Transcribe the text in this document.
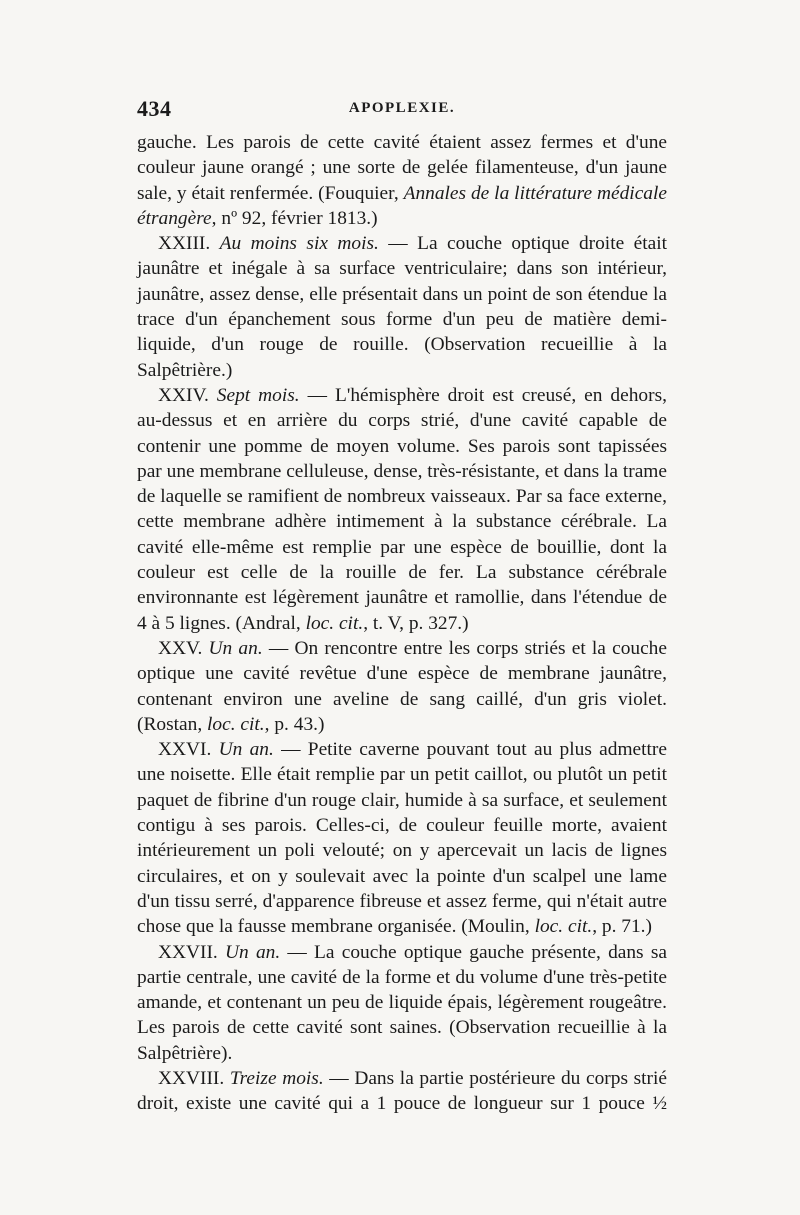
434	APOPLEXIE.

gauche. Les parois de cette cavité étaient assez fermes et d'une couleur jaune orangé ; une sorte de gelée filamenteuse, d'un jaune sale, y était renfermée. (Fouquier, Annales de la littérature médicale étrangère, nº 92, février 1813.)

XXIII. Au moins six mois. — La couche optique droite était jaunâtre et inégale à sa surface ventriculaire; dans son intérieur, jaunâtre, assez dense, elle présentait dans un point de son étendue la trace d'un épanchement sous forme d'un peu de matière demi-liquide, d'un rouge de rouille. (Observation recueillie à la Salpêtrière.)

XXIV. Sept mois. — L'hémisphère droit est creusé, en dehors, au-dessus et en arrière du corps strié, d'une cavité capable de contenir une pomme de moyen volume. Ses parois sont tapissées par une membrane celluleuse, dense, très-résistante, et dans la trame de laquelle se ramifient de nombreux vaisseaux. Par sa face externe, cette membrane adhère intimement à la substance cérébrale. La cavité elle-même est remplie par une espèce de bouillie, dont la couleur est celle de la rouille de fer. La substance cérébrale environnante est légèrement jaunâtre et ramollie, dans l'étendue de 4 à 5 lignes. (Andral, loc. cit., t. V, p. 327.)

XXV. Un an. — On rencontre entre les corps striés et la couche optique une cavité revêtue d'une espèce de membrane jaunâtre, contenant environ une aveline de sang caillé, d'un gris violet. (Rostan, loc. cit., p. 43.)

XXVI. Un an. — Petite caverne pouvant tout au plus admettre une noisette. Elle était remplie par un petit caillot, ou plutôt un petit paquet de fibrine d'un rouge clair, humide à sa surface, et seulement contigu à ses parois. Celles-ci, de couleur feuille morte, avaient intérieurement un poli velouté; on y apercevait un lacis de lignes circulaires, et on y soulevait avec la pointe d'un scalpel une lame d'un tissu serré, d'apparence fibreuse et assez ferme, qui n'était autre chose que la fausse membrane organisée. (Moulin, loc. cit., p. 71.)

XXVII. Un an. — La couche optique gauche présente, dans sa partie centrale, une cavité de la forme et du volume d'une très-petite amande, et contenant un peu de liquide épais, légèrement rougeâtre. Les parois de cette cavité sont saines. (Observation recueillie à la Salpêtrière).

XXVIII. Treize mois. — Dans la partie postérieure du corps strié droit, existe une cavité qui a 1 pouce de longueur sur 1 pouce ½
